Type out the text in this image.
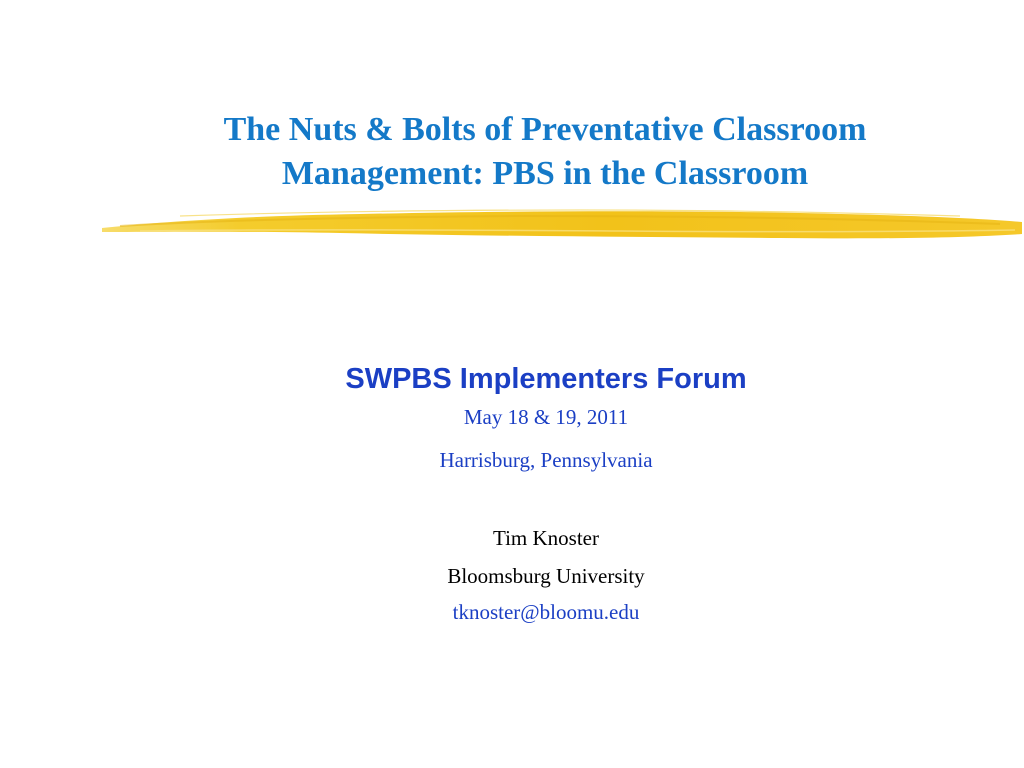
The Nuts & Bolts of Preventative Classroom
Management: PBS in the Classroom
SWPBS Implementers Forum
May 18 & 19, 2011
Harrisburg, Pennsylvania
Tim Knoster
Bloomsburg University
tknoster@bloomu.edu
